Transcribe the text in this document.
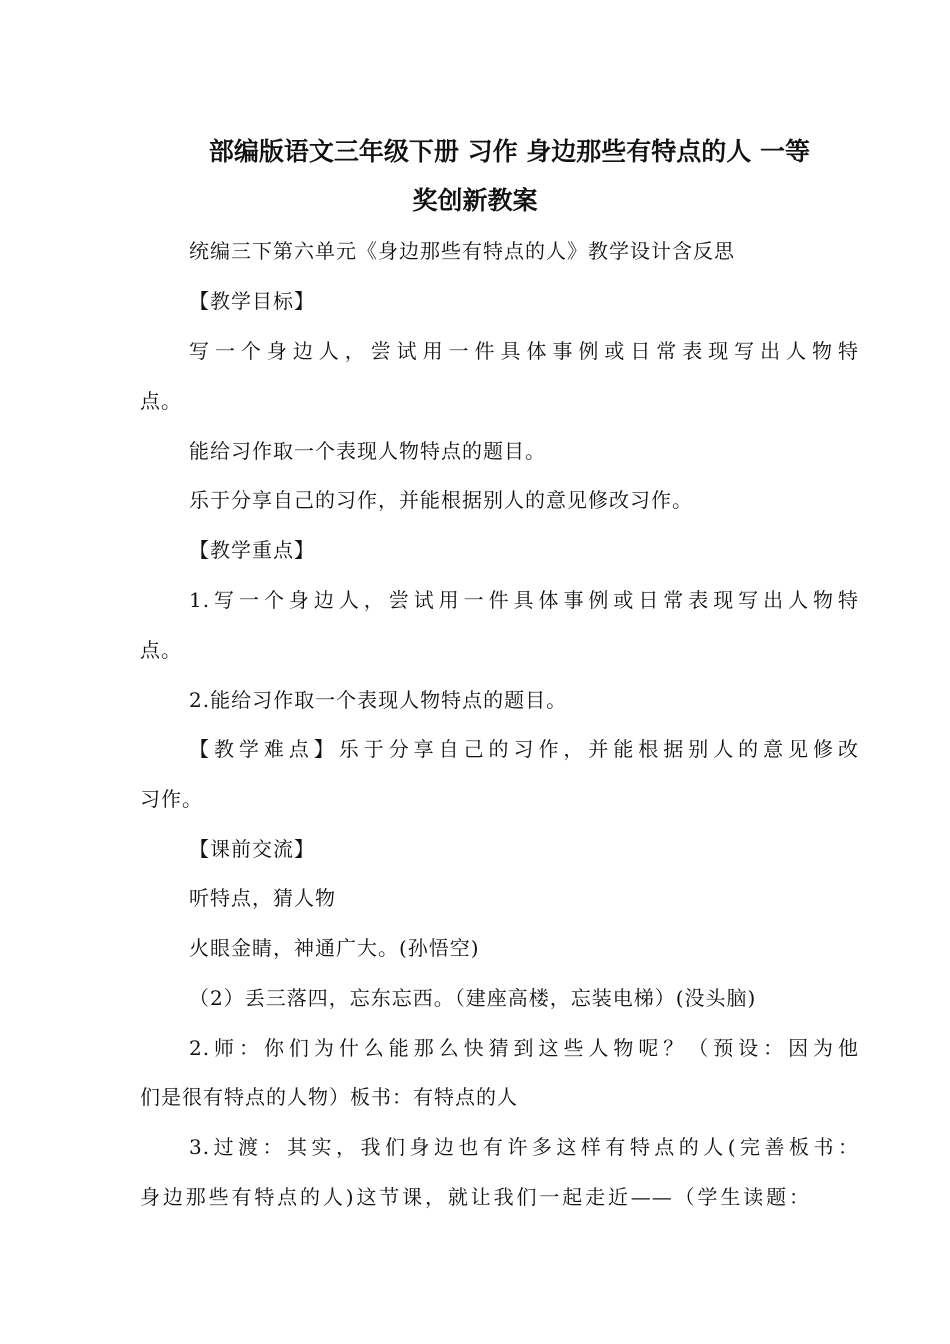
部编版语文三年级下册 习作 身边那些有特点的人 一等
奖创新教案
统编三下第六单元《身边那些有特点的人》教学设计含反思
【教学目标】
写一个身边人，尝试用一件具体事例或日常表现写出人物特
点。
能给习作取一个表现人物特点的题目。
乐于分享自己的习作，并能根据别人的意见修改习作。
【教学重点】
1.写一个身边人，尝试用一件具体事例或日常表现写出人物特
点。
2.能给习作取一个表现人物特点的题目。
【教学难点】乐于分享自己的习作，并能根据别人的意见修改
习作。
【课前交流】
听特点，猜人物
火眼金睛，神通广大。(孙悟空)
（2）丢三落四，忘东忘西。（建座高楼，忘装电梯）(没头脑)
2.师：你们为什么能那么快猜到这些人物呢？（预设：因为他
们是很有特点的人物）板书：有特点的人
3.过渡：其实，我们身边也有许多这样有特点的人(完善板书：
身边那些有特点的人)这节课，就让我们一起走近——（学生读题：
